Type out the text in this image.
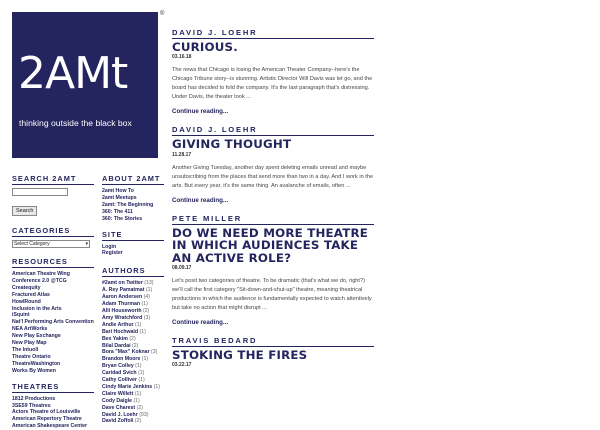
2AMt
thinking outside the black box
®
SEARCH 2AMT
Search
CATEGORIES
Select Category	▾
RESOURCES
American Theatre Wing
Conference 2.0 @TCG
Createquity
Fractured Atlas
HowlRound
Inclusion in the Arts
iSquint
Nat'l Performing Arts Convention
NEA ArtWorks
New Play Exchange
New Play Map
The Intuoll
Theatre Ontario
TheatreWashington
Works By Women
THEATRES
1812 Productions
3SE59 Theatres
Actors Theatre of Louisville
American Repertory Theatre
American Shakespeare Center
ABOUT 2AMT
2amt How To
2amt Meetups
2amt: The Beginning
360: The 411
360: The Stories
SITE
Login
Register
AUTHORS
#2amt on Twitter (13)
A. Rey Pamatmat (1)
Aaron Andersen (4)
Adam Thurman (1)
Alli Houseworth (2)
Amy Wratchford (3)
Andie Arthur (1)
Bari Hochwald (1)
Bex Yakim (2)
Bilal Dardai (2)
Bora "Max" Koknar (3)
Brandon Moore (1)
Bryan Colley (1)
Caridad Svich (1)
Cathy Colliver (1)
Cindy Marie Jenkins (1)
Claire Willett (1)
Cody Daigle (1)
Dave Charest (2)
David J. Loehr (93)
David Zoffoli (2)
DAVID J. LOEHR
CURIOUS.
03.16.18
The news that Chicago is losing the American Theater Company--here's the Chicago Tribune story--is stunning. Artistic Director Will Davis was let go, and the board has decided to fold the company. It's the last paragraph that's distressing. Under Davis, the theater took ...
Continue reading...
DAVID J. LOEHR
GIVING THOUGHT
11.28.17
Another Giving Tuesday, another day spent deleting emails unread and maybe unsubscribing from the places that send more than two in a day. And I work in the arts. But every year, it's the same thing. An avalanche of emails, often ...
Continue reading...
PETE MILLER
DO WE NEED MORE THEATRE IN WHICH AUDIENCES TAKE AN ACTIVE ROLE?
08.09.17
Let's posit two categories of theatre. To be dramatic (that's what we do, right?) we'll call the first category "Sit-down-and-shut-up" theatre, meaning theatrical productions in which the audience is fundamentally expected to watch attentively but take no action that might disrupt ...
Continue reading...
TRAVIS BEDARD
STOKING THE FIRES
03.22.17
